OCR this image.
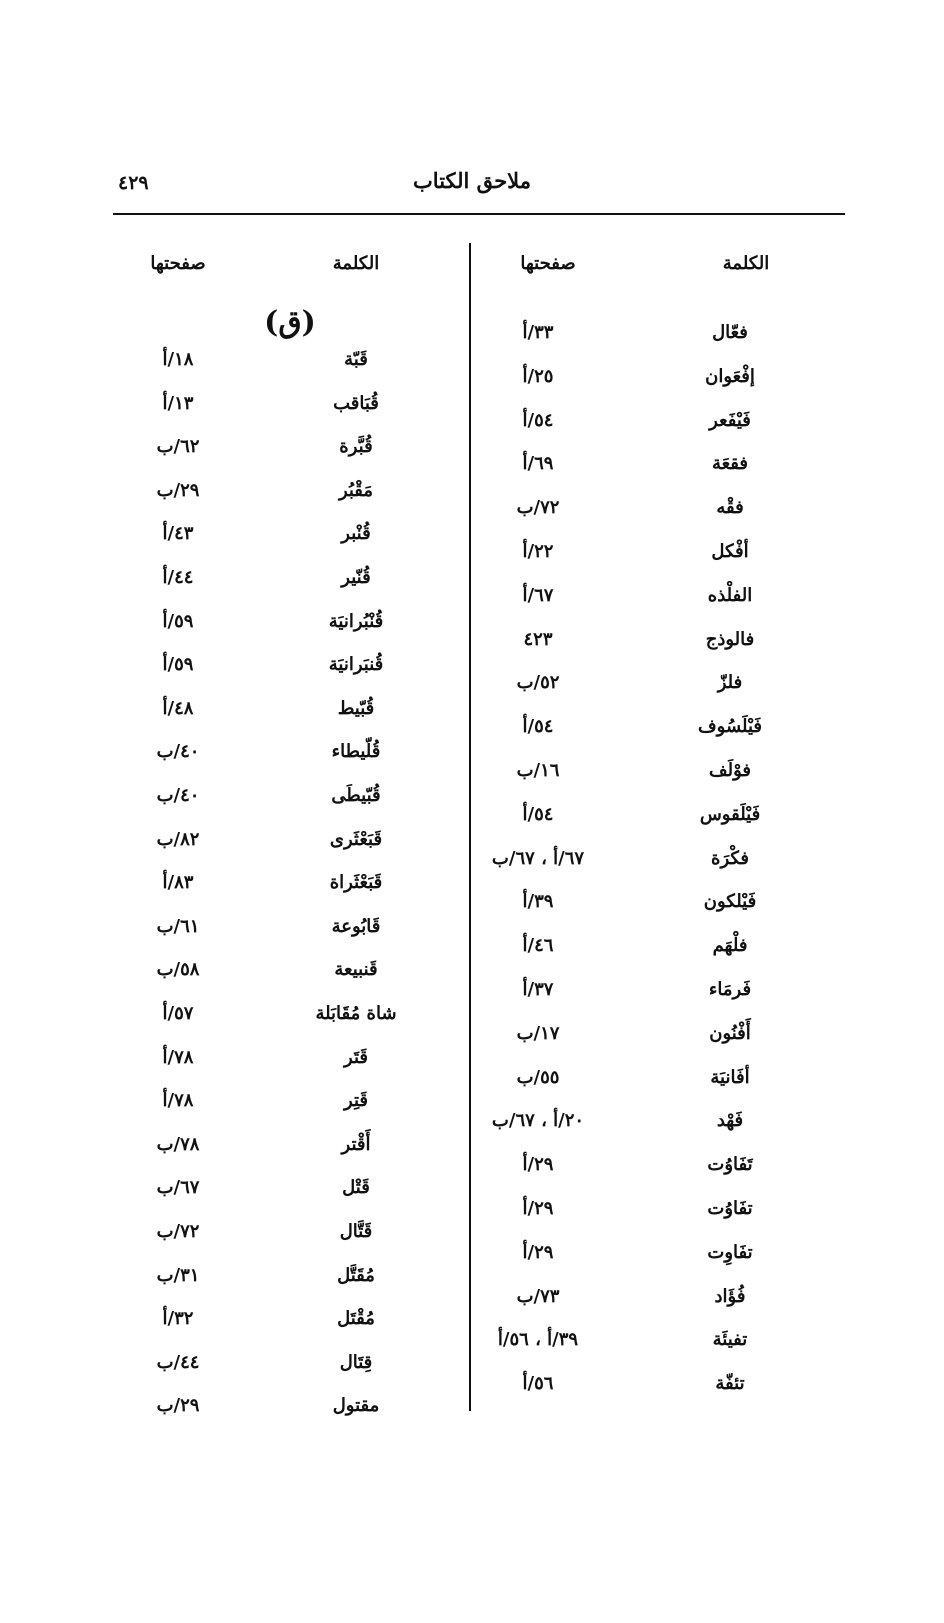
٤٢٩	ملاحق الكتاب
الكلمة
صفحتها
الكلمة
صفحتها
(ق)	فعّال
٣٣/أ
إفْعَوان
٢٥/أ
فَيْفَعر
٥٤/أ
فقعَة
٦٩/أ
فقْه
٧٢/ب
أفْكل
٢٢/أ
الفلْذه
٦٧/أ
فالوذج
٤٢٣
فلزّ
٥٢/ب
فَيْلَسُوف
٥٤/أ
فوْلَف
١٦/ب
فَيْلَقوس
٥٤/أ
فكْرَة
٦٧/أ ، ٦٧/ب
فَيْلكون
٣٩/أ
فلْهَم
٤٦/أ
فَرمَاء
٣٧/أ
أَفْنُون
١٧/ب
أفَانيَة
٥٥/ب
فَهْد
٢٠/أ ، ٦٧/ب
تَفَاوُت
٢٩/أ
تفَاوُت
٢٩/أ
تفَاوِت
٢٩/أ
فُؤَاد
٧٣/ب
تفيئَة
٣٩/أ ، ٥٦/أ
تئفّة
٥٦/أ
قَبّة
١٨/أ
قُبَاقب
١٣/أ
قُبَّرة
٦٢/ب
مَقْبُر
٢٩/ب
قُنْبر
٤٣/أ
قُنّير
٤٤/أ
قُنْبُرانيَة
٥٩/أ
قُنبَرانيَة
٥٩/أ
قُبّيط
٤٨/أ
قُلّيطاء
٤٠/ب
قُبّيطَى
٤٠/ب
قَبَعْثَرى
٨٢/ب
قَبَعْثَراة
٨٣/أ
قَابُوعة
٦١/ب
قَنبيعة
٥٨/ب
شاة مُقَابَلة
٥٧/أ
قَتَر
٧٨/أ
قَتِر
٧٨/أ
أَقْتر
٧٨/ب
قَتْل
٦٧/ب
قَتَّال
٧٢/ب
مُقَتَّل
٣١/ب
مُقْتَل
٣٢/أ
قِتَال
٤٤/ب
مقتول
٢٩/ب
